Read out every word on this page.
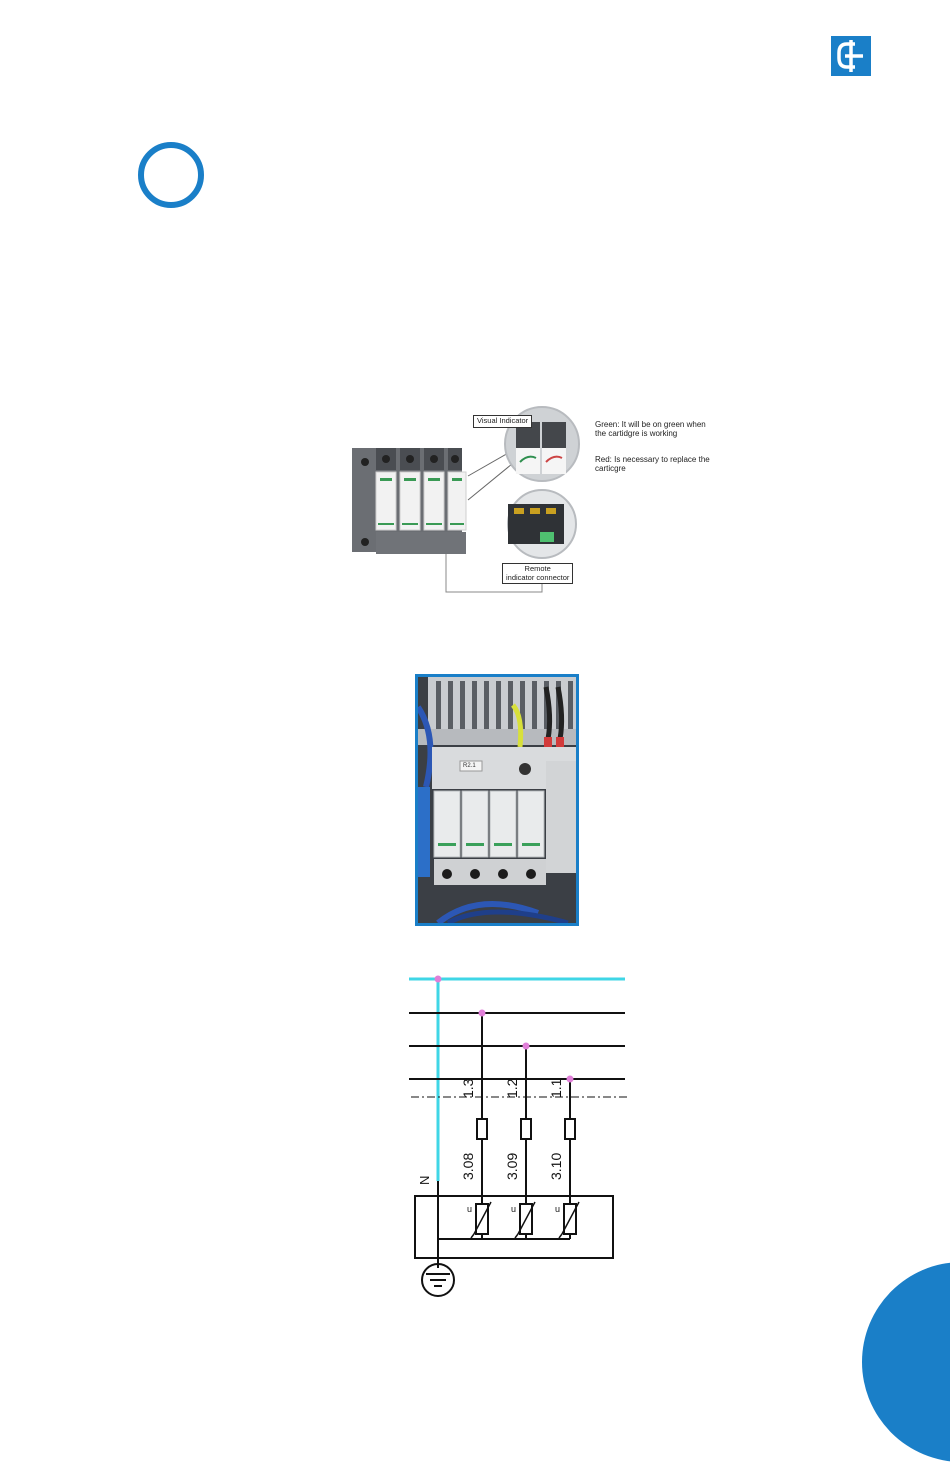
Visual Indicator
Remote
indicator connector
Green: It will be on green when the cartidgre is working
Red: Is necessary to replace the carticgre
R2.1
u	u	u
N
1.3 1.2 1.1
3.08 3.09 3.10
